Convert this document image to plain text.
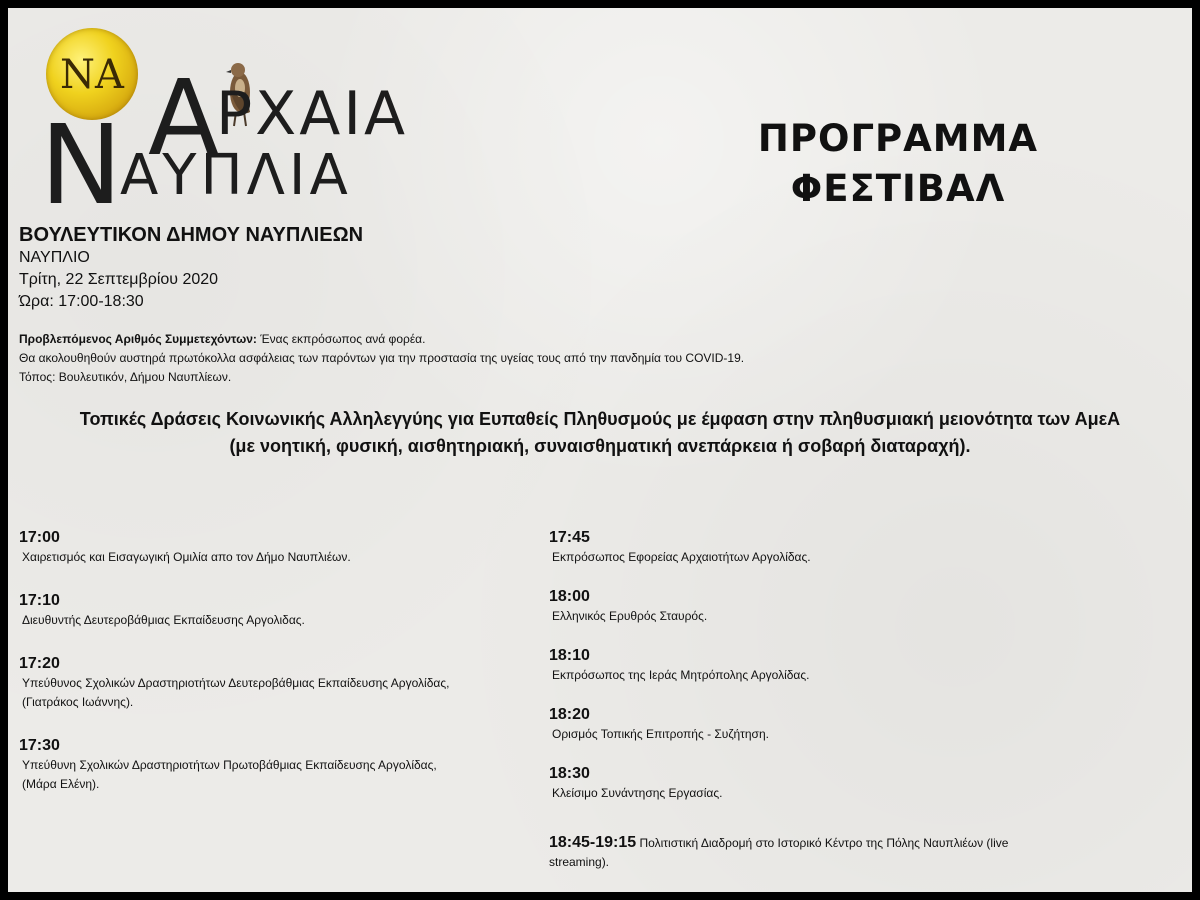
ΝΑ Α
ΡΧΑΙΑ
Ν
ΑΥΠΛΙΑ
ΠΡΟΓΡΑΜΜΑ
ΦΕΣΤΙΒΑΛ
ΒΟΥΛΕΥΤΙΚΟΝ ΔΗΜΟΥ ΝΑΥΠΛΙΕΩΝ
ΝΑΥΠΛΙΟ
Τρίτη, 22 Σεπτεμβρίου 2020
Ώρα: 17:00-18:30
Προβλεπόμενος Αριθμός Συμμετεχόντων: Ένας εκπρόσωπος ανά φορέα.
Θα ακολουθηθούν αυστηρά πρωτόκολλα ασφάλειας των παρόντων για την προστασία της υγείας τους από την πανδημία του COVID-19.
Τόπος: Βουλευτικόν, Δήμου Ναυπλίεων.
Τοπικές Δράσεις Κοινωνικής Αλληλεγγύης για Ευπαθείς Πληθυσμούς με έμφαση στην πληθυσμιακή μειονότητα των ΑμεΑ
(με νοητική, φυσική, αισθητηριακή, συναισθηματική ανεπάρκεια ή σοβαρή διαταραχή).
17:00
Χαιρετισμός και Εισαγωγική Ομιλία απο τον Δήμο Ναυπλιέων.
17:10
Διευθυντής Δευτεροβάθμιας Εκπαίδευσης Αργολιδας.
17:20
Υπεύθυνος Σχολικών Δραστηριοτήτων Δευτεροβάθμιας Εκπαίδευσης Αργολίδας, (Γιατράκος Ιωάννης).
17:30
Υπεύθυνη Σχολικών Δραστηριοτήτων Πρωτοβάθμιας Εκπαίδευσης Αργολίδας, (Μάρα Ελένη).
17:45
Εκπρόσωπος Εφορείας Αρχαιοτήτων Αργολίδας.
18:00
Ελληνικός Ερυθρός Σταυρός.
18:10
Εκπρόσωπος της Ιεράς Μητρόπολης Αργολίδας.
18:20
Ορισμός Τοπικής Επιτροπής - Συζήτηση.
18:30
Κλείσιμο Συνάντησης Εργασίας.
18:45-19:15 Πολιτιστική Διαδρομή στο Ιστορικό Κέντρο της Πόλης Ναυπλιέων (live streaming).
